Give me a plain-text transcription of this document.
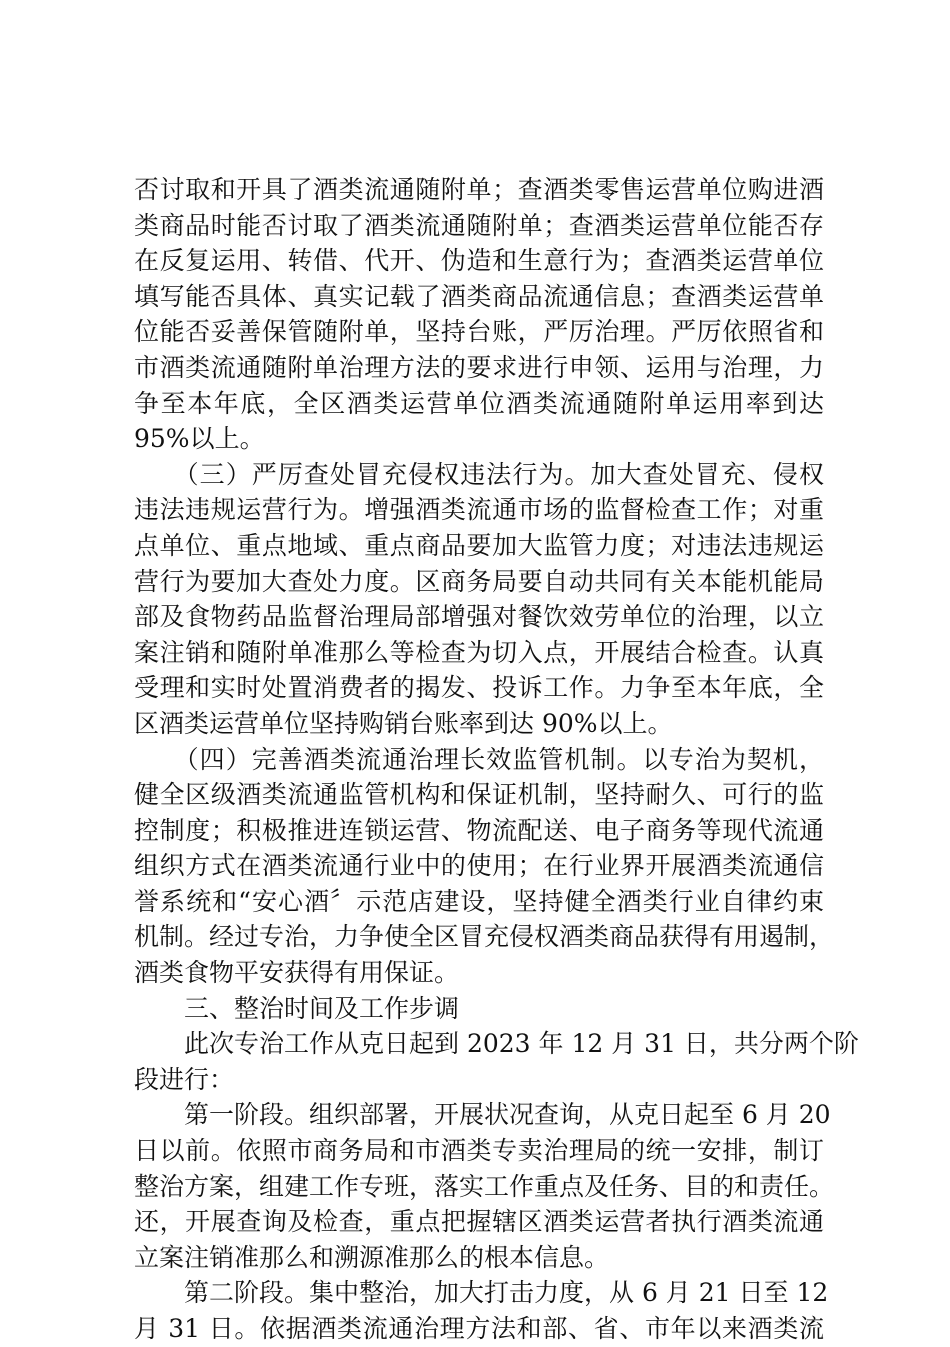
否讨取和开具了酒类流通随附单；查酒类零售运营单位购进酒
类商品时能否讨取了酒类流通随附单；查酒类运营单位能否存
在反复运用、转借、代开、伪造和生意行为；查酒类运营单位
填写能否具体、真实记载了酒类商品流通信息；查酒类运营单
位能否妥善保管随附单，坚持台账，严厉治理。严厉依照省和
市酒类流通随附单治理方法的要求进行申领、运用与治理，力
争至本年底，全区酒类运营单位酒类流通随附单运用率到达
95%以上。
　　（三）严厉查处冒充侵权违法行为。加大查处冒充、侵权
违法违规运营行为。增强酒类流通市场的监督检查工作；对重
点单位、重点地域、重点商品要加大监管力度；对违法违规运
营行为要加大查处力度。区商务局要自动共同有关本能机能局
部及食物药品监督治理局部增强对餐饮效劳单位的治理，以立
案注销和随附单准那么等检查为切入点，开展结合检查。认真
受理和实时处置消费者的揭发、投诉工作。力争至本年底，全
区酒类运营单位坚持购销台账率到达 90%以上。
　　（四）完善酒类流通治理长效监管机制。以专治为契机，
健全区级酒类流通监管机构和保证机制，坚持耐久、可行的监
控制度；积极推进连锁运营、物流配送、电子商务等现代流通
组织方式在酒类流通行业中的使用；在行业界开展酒类流通信
誉系统和“安心酒〞示范店建设，坚持健全酒类行业自律约束
机制。经过专治，力争使全区冒充侵权酒类商品获得有用遏制，
酒类食物平安获得有用保证。
　　三、整治时间及工作步调
　　此次专治工作从克日起到 2023 年 12 月 31 日，共分两个阶
段进行：
　　第一阶段。组织部署，开展状况查询，从克日起至 6 月 20
日以前。依照市商务局和市酒类专卖治理局的统一安排，制订
整治方案，组建工作专班，落实工作重点及任务、目的和责任。
还，开展查询及检查，重点把握辖区酒类运营者执行酒类流通
立案注销准那么和溯源准那么的根本信息。
　　第二阶段。集中整治，加大打击力度，从 6 月 21 日至 12
月 31 日。依据酒类流通治理方法和部、省、市年以来酒类流
